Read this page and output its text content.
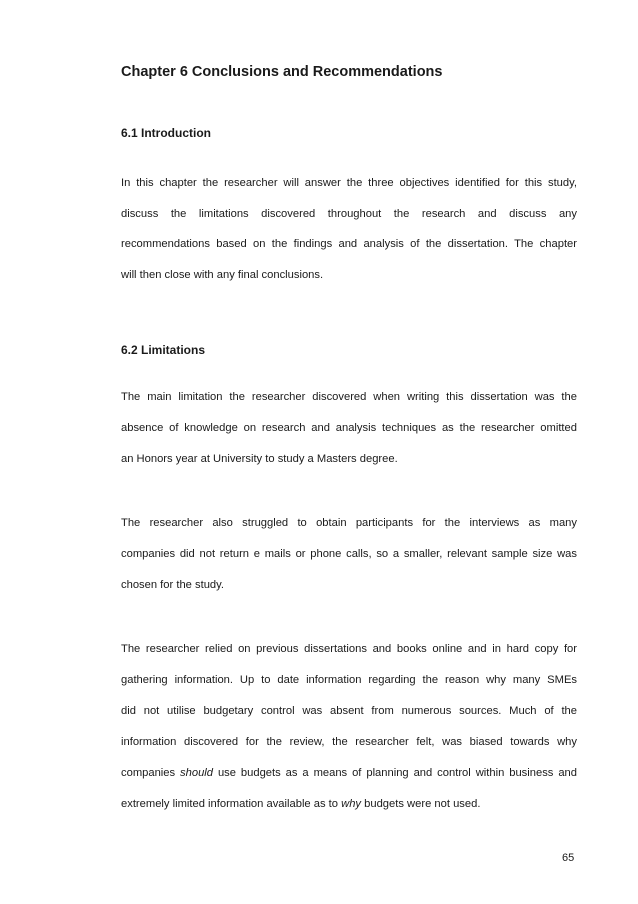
Chapter 6 Conclusions and Recommendations
6.1 Introduction
In this chapter the researcher will answer the three objectives identified for this study,
discuss the limitations discovered throughout the research and discuss any
recommendations based on the findings and analysis of the dissertation. The chapter
will then close with any final conclusions.
6.2 Limitations
The main limitation the researcher discovered when writing this dissertation was the
absence of knowledge on research and analysis techniques as the researcher omitted
an Honors year at University to study a Masters degree.
The researcher also struggled to obtain participants for the interviews as many
companies did not return e mails or phone calls, so a smaller, relevant sample size was
chosen for the study.
The researcher relied on previous dissertations and books online and in hard copy for
gathering information. Up to date information regarding the reason why many SMEs
did not utilise budgetary control was absent from numerous sources. Much of the
information discovered for the review, the researcher felt, was biased towards why
companies should use budgets as a means of planning and control within business and
extremely limited information available as to why budgets were not used.
65
